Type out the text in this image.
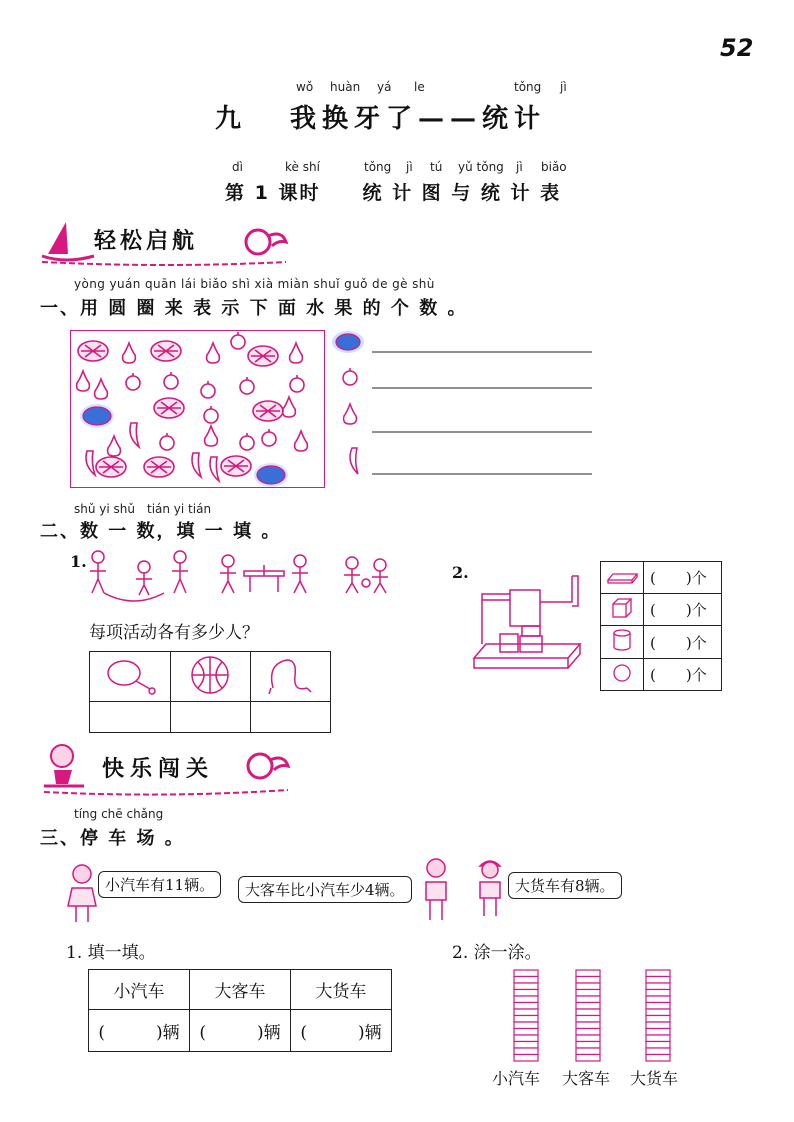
52
wǒ huàn yá le	tǒng jì
九 我换牙了——统计
dì	kè shí	tǒng jì tú yǔ tǒng jì biǎo
第 1 课时　　统 计 图 与 统 计 表
轻松启航
yòng yuán quān lái biǎo shì xià miàn shuǐ guǒ de gè shù
一、用 圆 圈 来 表 示 下 面 水 果 的 个 数 。
shǔ yi shǔ　tián yi tián
二、数 一 数，填 一 填 。
1.
每项活动各有多少人？

2.
		(　　)个
	(　　)个
	(　　)个
	(　　)个
快乐闯关
tíng chē chǎng
三、停 车 场 。
小汽车有11辆。	大客车比小汽车少4辆。	大货车有8辆。
1. 填一填。	2. 涂一涂。
小汽车	大客车	大货车
(　　　)辆	(　　　)辆	(　　　)辆
小汽车 大客车 大货车
